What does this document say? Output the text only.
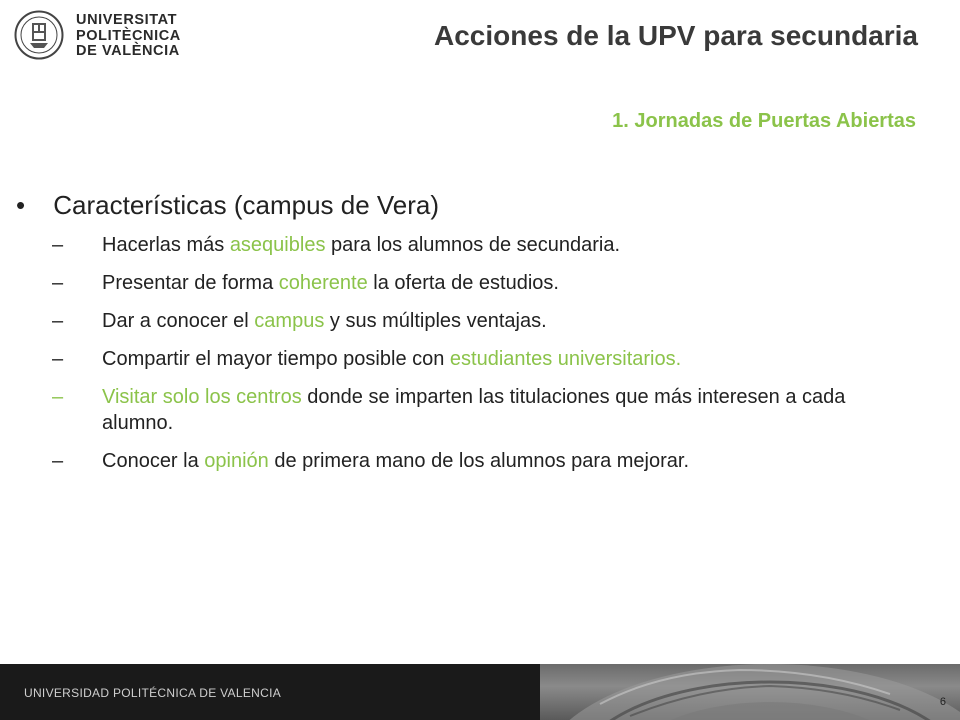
UNIVERSITAT
POLITÈCNICA
DE VALÈNCIA	Acciones de la UPV para secundaria
1. Jornadas de Puertas Abiertas
• Características (campus de Vera)
–	Hacerlas más asequibles para los alumnos de secundaria.
–	Presentar de forma coherente la oferta de estudios.
–	Dar a conocer el campus y sus múltiples ventajas.
–	Compartir el mayor tiempo posible con estudiantes universitarios.
–	Visitar solo los centros donde se imparten las titulaciones que más interesen a cada alumno.
–	Conocer la opinión de primera mano de los alumnos para mejorar.
UNIVERSIDAD POLITÉCNICA DE VALENCIA
6
